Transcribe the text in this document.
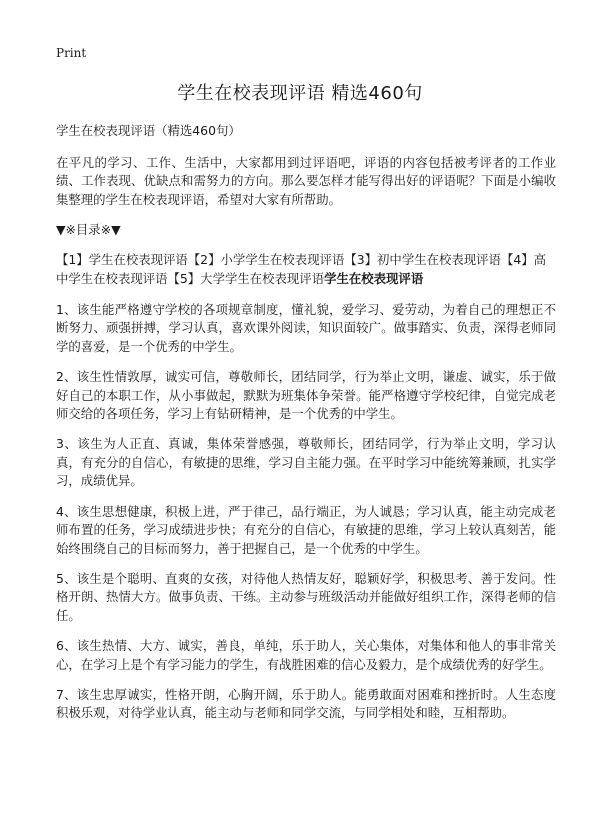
Print
学生在校表现评语 精选460句

学生在校表现评语（精选460句）

在平凡的学习、工作、生活中，大家都用到过评语吧，评语的内容包括被考评者的工作业绩、工作表现、优缺点和需努力的方向。那么要怎样才能写得出好的评语呢？下面是小编收集整理的学生在校表现评语，希望对大家有所帮助。

▼※目录※▼

【1】学生在校表现评语【2】小学学生在校表现评语【3】初中学生在校表现评语【4】高中学生在校表现评语【5】大学学生在校表现评语学生在校表现评语

1、该生能严格遵守学校的各项规章制度，懂礼貌，爱学习、爱劳动，为着自己的理想正不断努力、顽强拼搏，学习认真，喜欢课外阅读，知识面较广。做事踏实、负责，深得老师同学的喜爱，是一个优秀的中学生。

2、该生性情敦厚，诚实可信，尊敬师长，团结同学，行为举止文明，谦虚、诚实，乐于做好自己的本职工作，从小事做起，默默为班集体争荣誉。能严格遵守学校纪律，自觉完成老师交给的各项任务，学习上有钻研精神，是一个优秀的中学生。

3、该生为人正直、真诚，集体荣誉感强，尊敬师长，团结同学，行为举止文明，学习认真，有充分的自信心，有敏捷的思维，学习自主能力强。在平时学习中能统筹兼顾，扎实学习，成绩优异。

4、该生思想健康，积极上进，严于律己，品行端正，为人诚恳；学习认真，能主动完成老师布置的任务，学习成绩进步快；有充分的自信心，有敏捷的思维，学习上较认真刻苦，能始终围绕自己的目标而努力，善于把握自己，是一个优秀的中学生。

5、该生是个聪明、直爽的女孩，对待他人热情友好，聪颖好学，积极思考、善于发问。性格开朗、热情大方。做事负责、干练。主动参与班级活动并能做好组织工作，深得老师的信任。

6、该生热情、大方、诚实，善良，单纯，乐于助人，关心集体，对集体和他人的事非常关心，在学习上是个有学习能力的学生，有战胜困难的信心及毅力，是个成绩优秀的好学生。

7、该生忠厚诚实，性格开朗，心胸开阔，乐于助人。能勇敢面对困难和挫折时。人生态度积极乐观，对待学业认真，能主动与老师和同学交流，与同学相处和睦，互相帮助。
